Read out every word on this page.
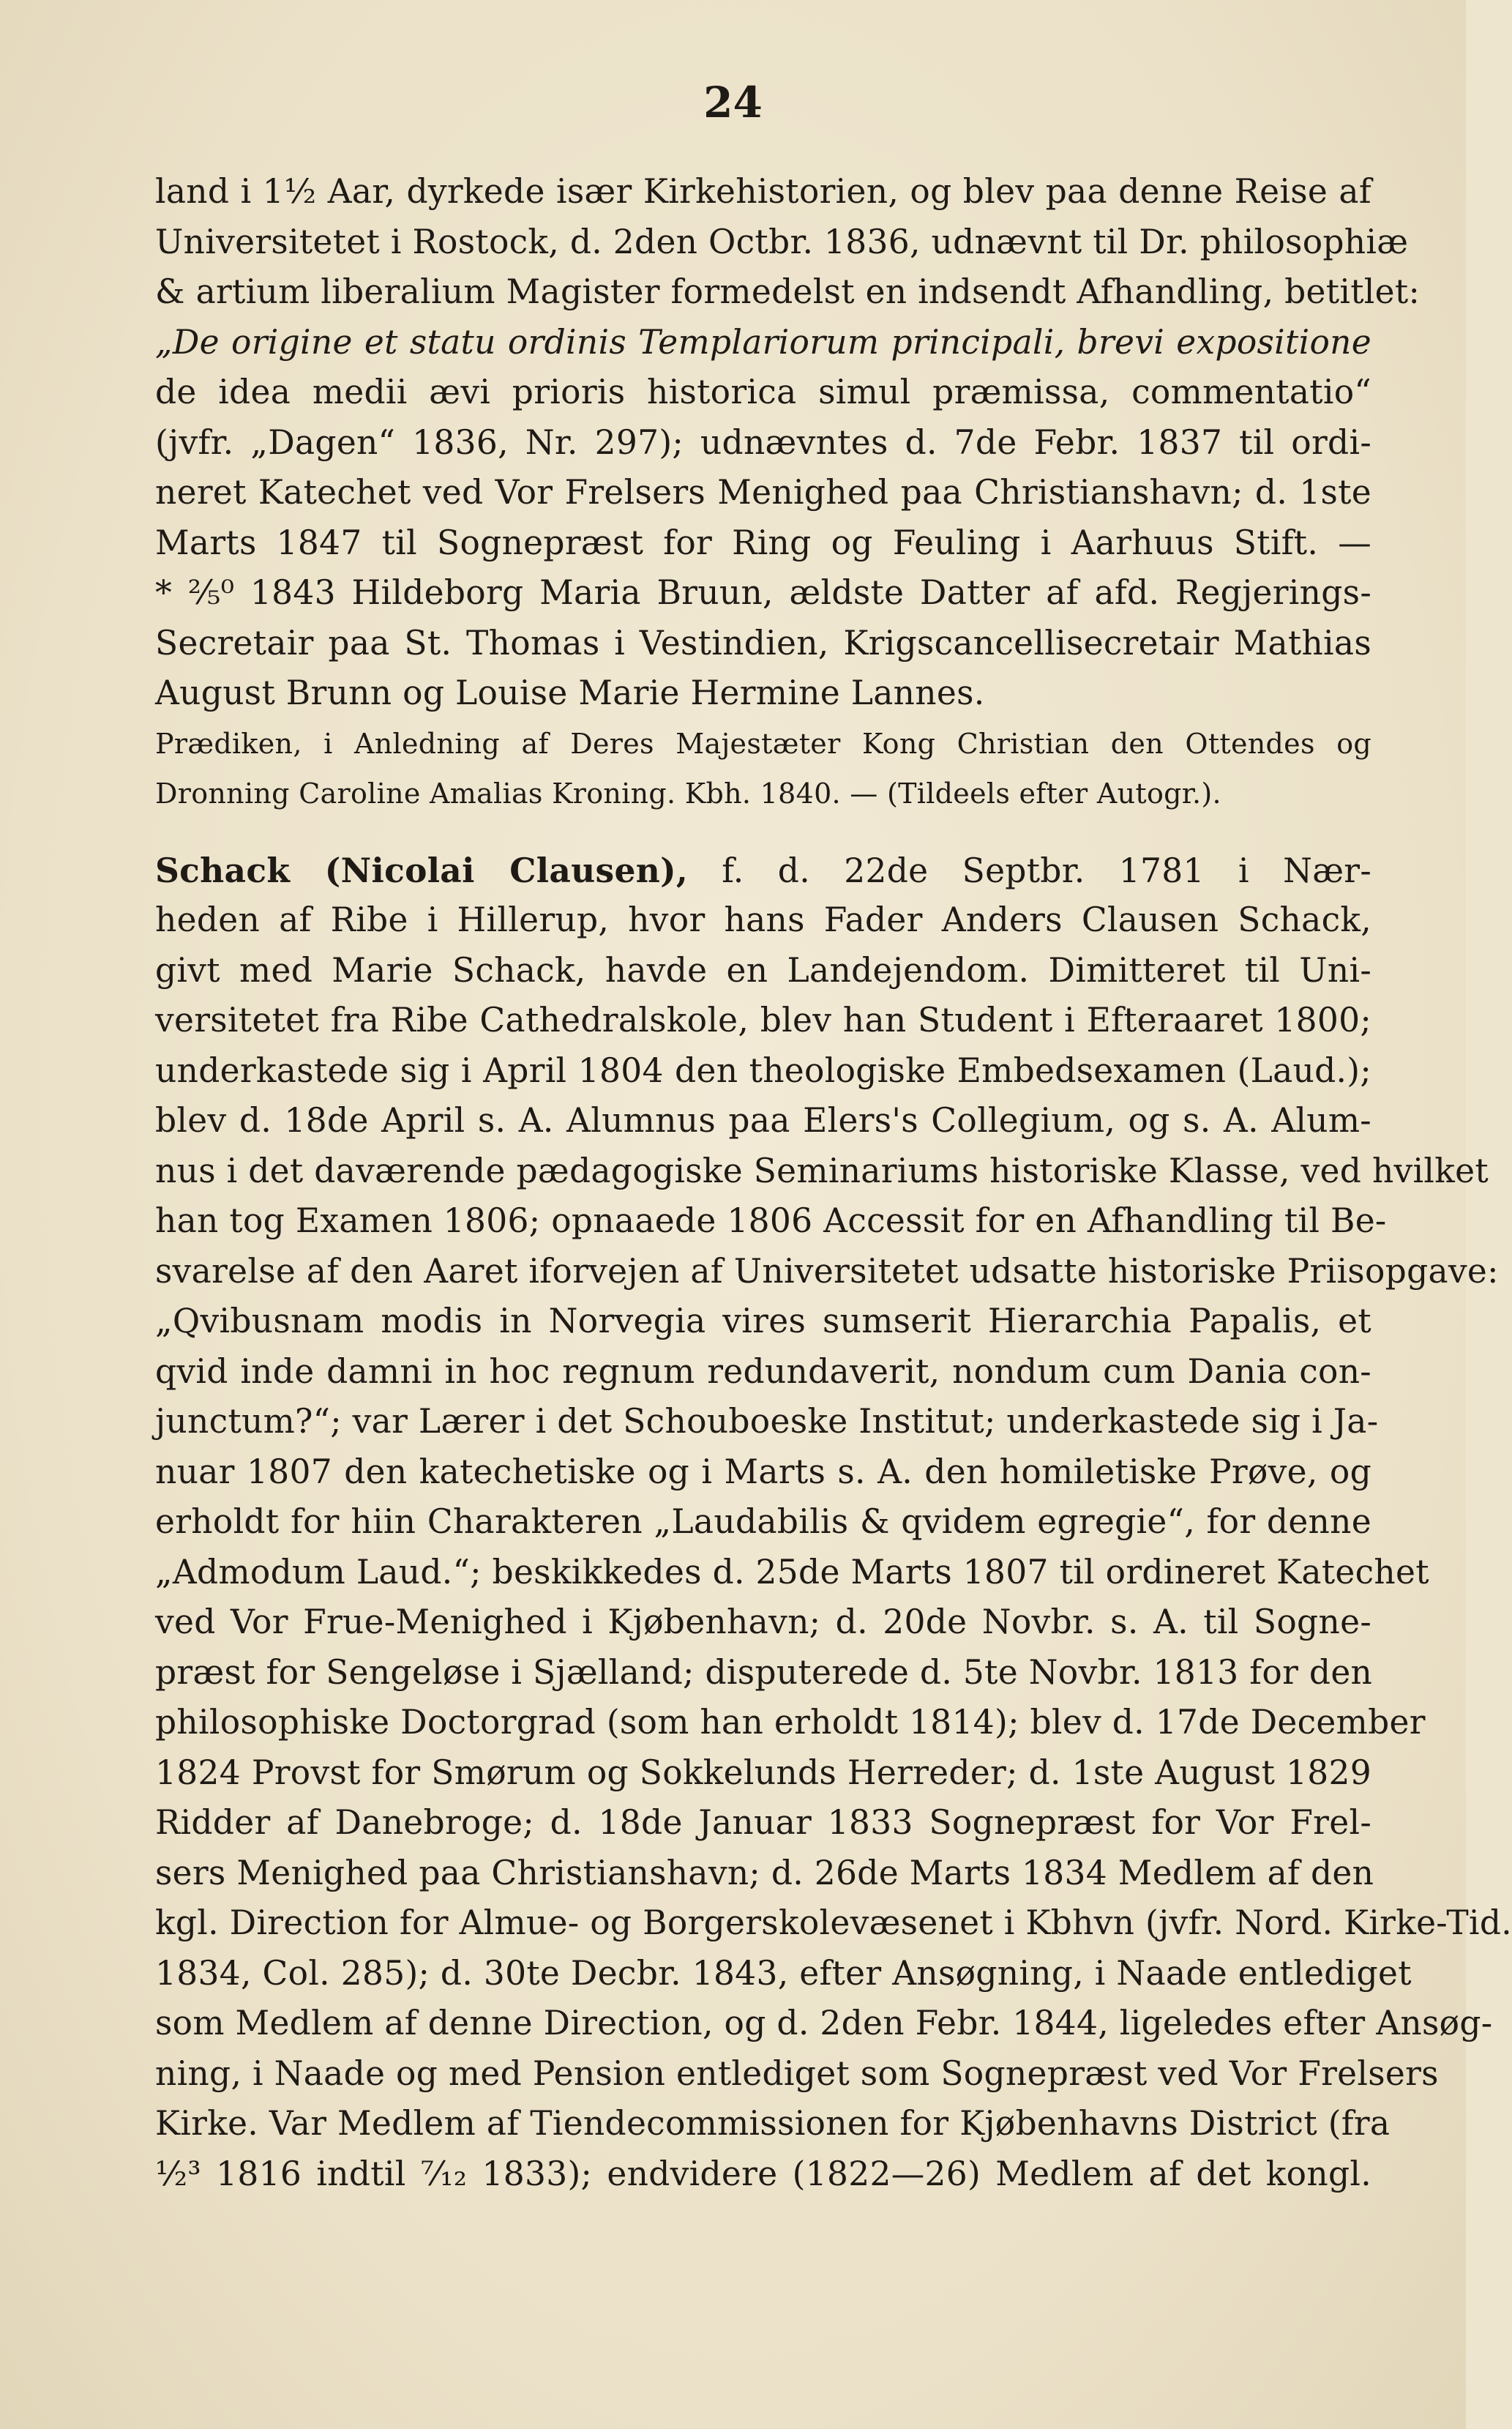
24
land i 1½ Aar, dyrkede især Kirkehistorien, og blev paa denne Reise af
Universitetet i Rostock, d. 2den Octbr. 1836, udnævnt til Dr. philosophiæ
& artium liberalium Magister formedelst en indsendt Afhandling, betitlet:
„De origine et statu ordinis Templariorum principali, brevi expositione
de idea medii ævi prioris historica simul præmissa, commentatio“
(jvfr. „Dagen“ 1836, Nr. 297); udnævntes d. 7de Febr. 1837 til ordi-
neret Katechet ved Vor Frelsers Menighed paa Christianshavn; d. 1ste
Marts 1847 til Sognepræst for Ring og Feuling i Aarhuus Stift. —
* ²⁄₅⁰ 1843 Hildeborg Maria Bruun, ældste Datter af afd. Regjerings-
Secretair paa St. Thomas i Vestindien, Krigscancellisecretair Mathias
August Brunn og Louise Marie Hermine Lannes.
Prædiken, i Anledning af Deres Majestæter Kong Christian den Ottendes og
Dronning Caroline Amalias Kroning. Kbh. 1840. — (Tildeels efter Autogr.).
Schack (Nicolai Clausen), f. d. 22de Septbr. 1781 i Nær-
heden af Ribe i Hillerup, hvor hans Fader Anders Clausen Schack,
givt med Marie Schack, havde en Landejendom. Dimitteret til Uni-
versitetet fra Ribe Cathedralskole, blev han Student i Efteraaret 1800;
underkastede sig i April 1804 den theologiske Embedsexamen (Laud.);
blev d. 18de April s. A. Alumnus paa Elers's Collegium, og s. A. Alum-
nus i det daværende pædagogiske Seminariums historiske Klasse, ved hvilket
han tog Examen 1806; opnaaede 1806 Accessit for en Afhandling til Be-
svarelse af den Aaret iforvejen af Universitetet udsatte historiske Priisopgave:
„Qvibusnam modis in Norvegia vires sumserit Hierarchia Papalis, et
qvid inde damni in hoc regnum redundaverit, nondum cum Dania con-
junctum?“; var Lærer i det Schouboeske Institut; underkastede sig i Ja-
nuar 1807 den katechetiske og i Marts s. A. den homiletiske Prøve, og
erholdt for hiin Charakteren „Laudabilis & qvidem egregie“, for denne
„Admodum Laud.“; beskikkedes d. 25de Marts 1807 til ordineret Katechet
ved Vor Frue-Menighed i Kjøbenhavn; d. 20de Novbr. s. A. til Sogne-
præst for Sengeløse i Sjælland; disputerede d. 5te Novbr. 1813 for den
philosophiske Doctorgrad (som han erholdt 1814); blev d. 17de December
1824 Provst for Smørum og Sokkelunds Herreder; d. 1ste August 1829
Ridder af Danebroge; d. 18de Januar 1833 Sognepræst for Vor Frel-
sers Menighed paa Christianshavn; d. 26de Marts 1834 Medlem af den
kgl. Direction for Almue- og Borgerskolevæsenet i Kbhvn (jvfr. Nord. Kirke-Tid.
1834, Col. 285); d. 30te Decbr. 1843, efter Ansøgning, i Naade entlediget
som Medlem af denne Direction, og d. 2den Febr. 1844, ligeledes efter Ansøg-
ning, i Naade og med Pension entlediget som Sognepræst ved Vor Frelsers
Kirke. Var Medlem af Tiendecommissionen for Kjøbenhavns District (fra
½³ 1816 indtil ⁷⁄₁₂ 1833); endvidere (1822—26) Medlem af det kongl.
